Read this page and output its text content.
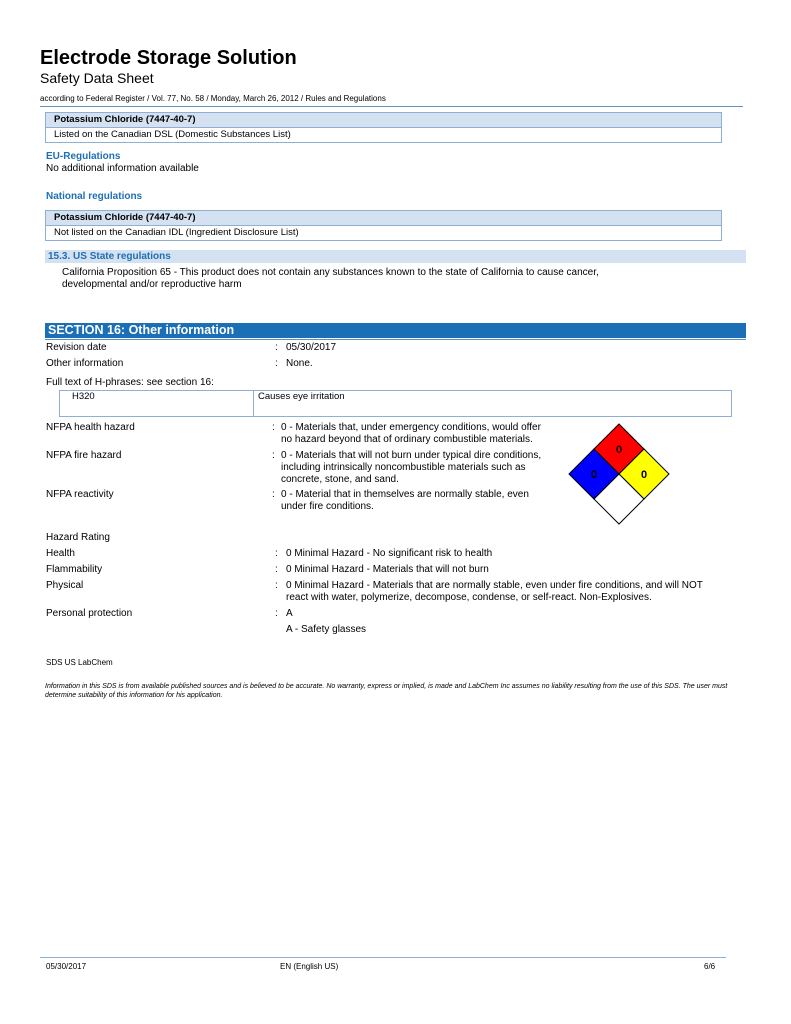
Electrode Storage Solution
Safety Data Sheet
according to Federal Register / Vol. 77, No. 58 / Monday, March 26, 2012 / Rules and Regulations
Potassium Chloride (7447-40-7)
Listed on the Canadian DSL (Domestic Substances List)
EU-Regulations
No additional information available
National regulations
Potassium Chloride (7447-40-7)
Not listed on the Canadian IDL (Ingredient Disclosure List)
15.3. US State regulations
California Proposition 65 - This product does not contain any substances known to the state of California to cause cancer,
developmental and/or reproductive harm
SECTION 16: Other information
Revision date	: 05/30/2017
Other information	: None.
Full text of H-phrases: see section 16:
H320	Causes eye irritation
NFPA health hazard	: 0 - Materials that, under emergency conditions, would offer
no hazard beyond that of ordinary combustible materials.
NFPA fire hazard	: 0 - Materials that will not burn under typical dire conditions,
including intrinsically noncombustible materials such as
concrete, stone, and sand.
NFPA reactivity	: 0 - Material that in themselves are normally stable, even
under fire conditions.
0
0	0
Hazard Rating
Health	: 0 Minimal Hazard - No significant risk to health
Flammability	: 0 Minimal Hazard - Materials that will not burn
Physical	: 0 Minimal Hazard - Materials that are normally stable, even under fire conditions, and will NOT
react with water, polymerize, decompose, condense, or self-react. Non-Explosives.
Personal protection	: A
A - Safety glasses
SDS US LabChem
Information in this SDS is from available published sources and is believed to be accurate. No warranty, express or implied, is made and LabChem Inc assumes no liability resulting from the use of this SDS. The user must determine suitability of this information for his application.
05/30/2017	EN (English US)	6/6
